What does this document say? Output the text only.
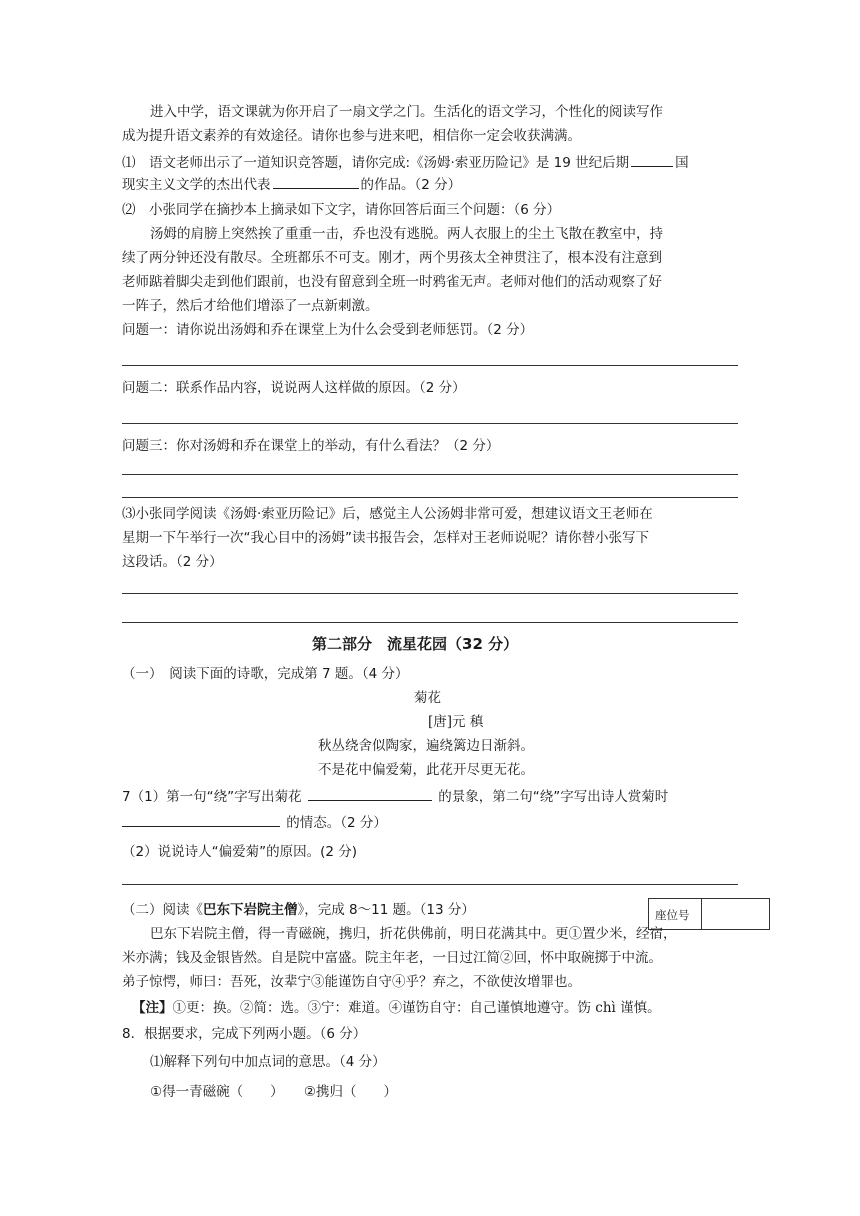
进入中学，语文课就为你开启了一扇文学之门。生活化的语文学习，个性化的阅读写作
成为提升语文素养的有效途径。请你也参与进来吧，相信你一定会收获满满。
⑴　语文老师出示了一道知识竞答题，请你完成:《汤姆·索亚历险记》是 19 世纪后期	国
现实主义文学的杰出代表	的作品。（2 分）
⑵　小张同学在摘抄本上摘录如下文字，请你回答后面三个问题：（6 分）
汤姆的肩膀上突然挨了重重一击，乔也没有逃脱。两人衣服上的尘土飞散在教室中，持
续了两分钟还没有散尽。全班都乐不可支。刚才，两个男孩太全神贯注了，根本没有注意到
老师踮着脚尖走到他们跟前，也没有留意到全班一时鸦雀无声。老师对他们的活动观察了好
一阵子，然后才给他们增添了一点新刺激。
问题一：请你说出汤姆和乔在课堂上为什么会受到老师惩罚。（2 分）
问题二：联系作品内容，说说两人这样做的原因。（2 分）
问题三：你对汤姆和乔在课堂上的举动，有什么看法？（2 分）
⑶小张同学阅读《汤姆·索亚历险记》后，感觉主人公汤姆非常可爱，想建议语文王老师在
星期一下午举行一次“我心目中的汤姆”读书报告会，怎样对王老师说呢？请你替小张写下
这段话。（2 分）
第二部分　流星花园（32 分）
（一）　阅读下面的诗歌，完成第 7 题。（4 分）
菊花
[唐]元 稹
秋丛绕舍似陶家，遍绕篱边日渐斜。
不是花中偏爱菊，此花开尽更无花。
7（1）第一句“绕”字写出菊花	的景象，第二句“绕”字写出诗人赏菊时
的情态。（2 分）
（2）说说诗人“偏爱菊”的原因。(2 分)
座位号
（二）阅读《巴东下岩院主僧》，完成 8～11 题。（13 分）
巴东下岩院主僧，得一青磁碗，携归，折花供佛前，明日花满其中。更①置少米，经宿，
米亦满；钱及金银皆然。自是院中富盛。院主年老，一日过江简②回，怀中取碗掷于中流。
弟子惊愕，师曰：吾死，汝辈宁③能谨饬自守④乎？弃之，不欲使汝增罪也。
【注】①更：换。②简：选。③宁：难道。④谨饬自守：自己谨慎地遵守。饬 chì 谨慎。
8．根据要求，完成下列两小题。（6 分）
⑴解释下列句中加点词的意思。（4 分）
①得一青磁碗（　　）　　②携归（　　）
